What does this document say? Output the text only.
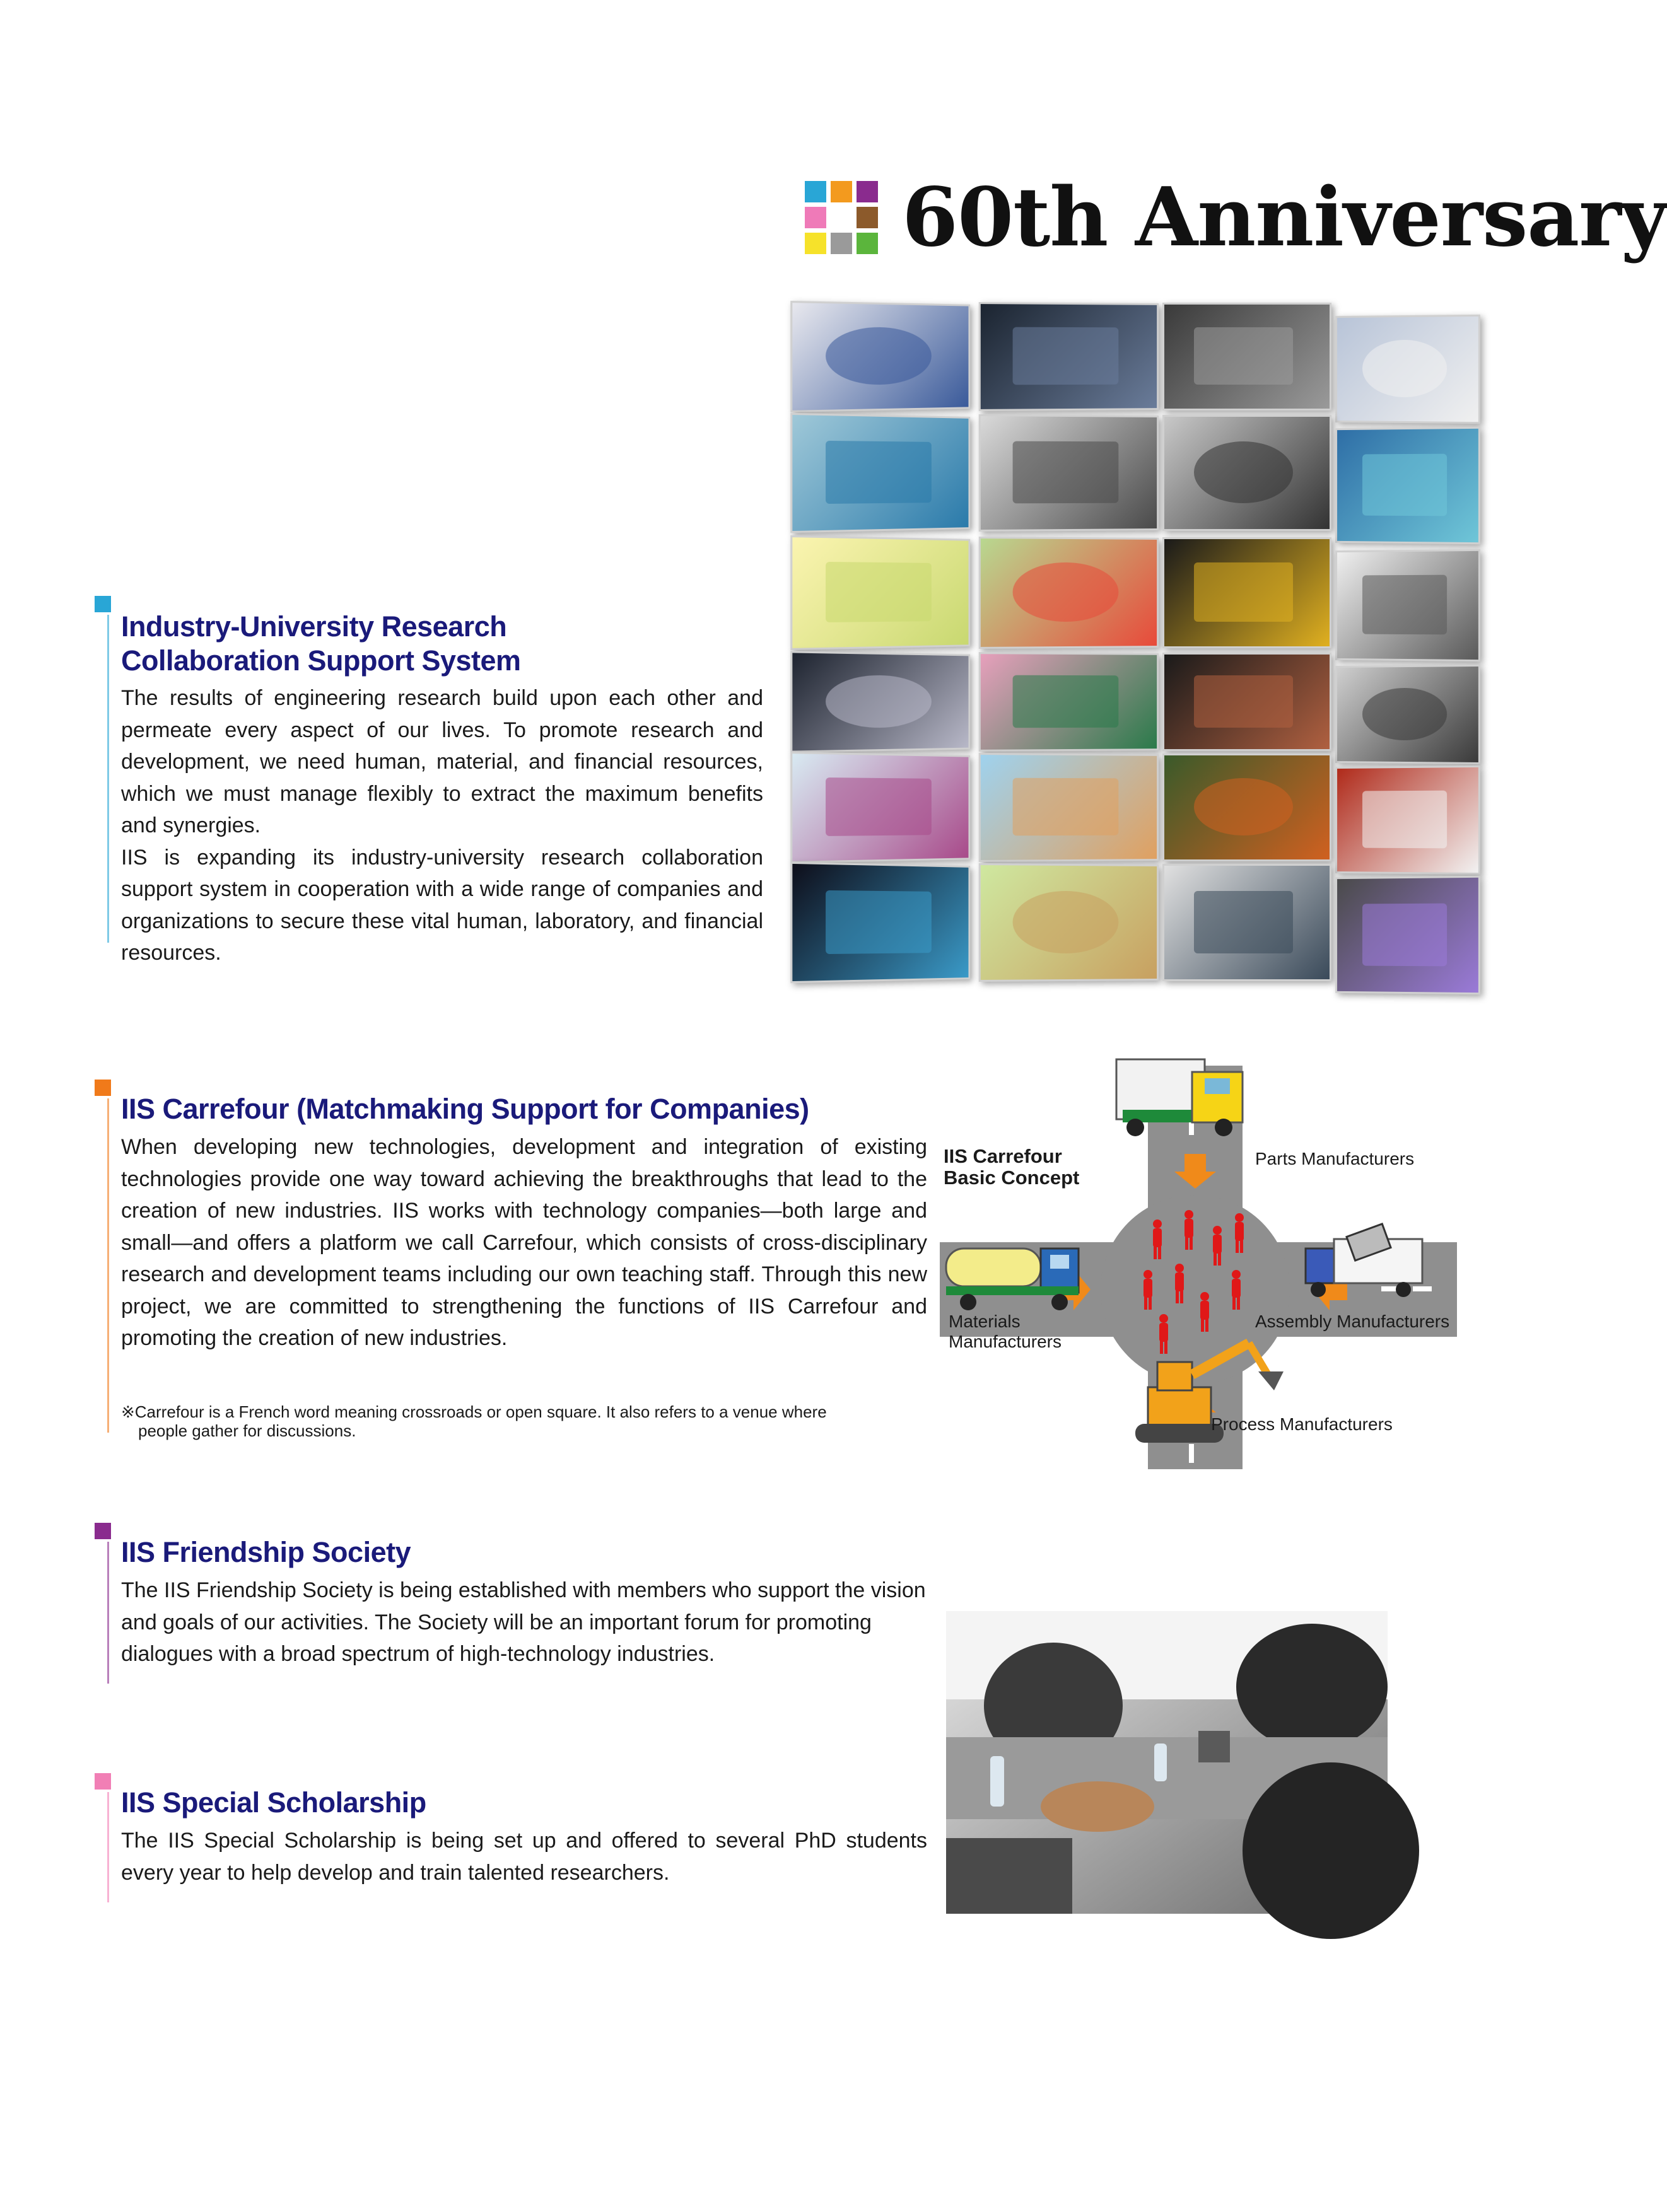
60th Anniversary
Industry-University Research
Collaboration Support System

The results of engineering research build upon each other and permeate every aspect of our lives. To promote research and development, we need human, material, and financial resources, which we must manage flexibly to extract the maximum benefits and synergies.

IIS is expanding its industry-university research collaboration support system in cooperation with a wide range of companies and organizations to secure these vital human, laboratory, and financial resources.

IIS Carrefour (Matchmaking Support for Companies)

When developing new technologies, development and integration of existing technologies provide one way toward achieving the breakthroughs that lead to the creation of new industries. IIS works with technology companies—both large and small—and offers a platform we call Carrefour, which consists of cross-disciplinary research and development teams including our own teaching staff. Through this new project, we are committed to strengthening the functions of IIS Carrefour and promoting the creation of new industries.

※Carrefour is a French word meaning crossroads or open square. It also refers to a venue where
people gather for discussions.
IIS Carrefour
Basic Concept
Parts Manufacturers
Materials
Manufacturers
Assembly Manufacturers
Process Manufacturers
IIS Friendship Society

The IIS Friendship Society is being established with members who support the vision and goals of our activities. The Society will be an important forum for promoting dialogues with a broad spectrum of high-technology industries.

IIS Special Scholarship

The IIS Special Scholarship is being set up and offered to several PhD students every year to help develop and train talented researchers.
